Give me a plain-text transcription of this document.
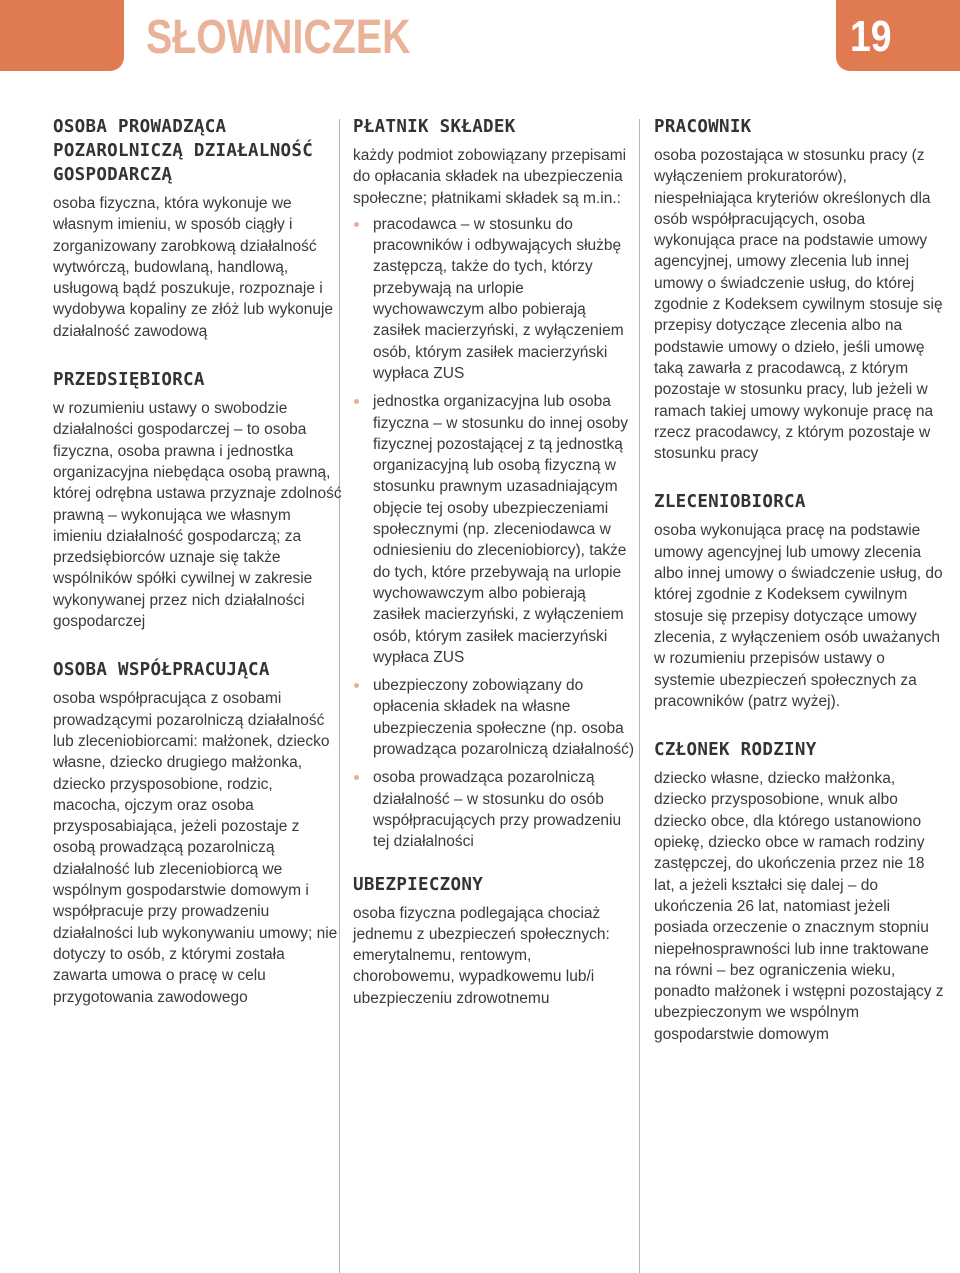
SŁOWNICZEK	19
OSOBA PROWADZĄCA POZAROLNICZĄ DZIAŁALNOŚĆ GOSPODARCZĄ

osoba fizyczna, która wykonuje we własnym imieniu, w sposób ciągły i zorganizowany zarobkową działalność wytwórczą, budowlaną, handlową, usługową bądź poszukuje, rozpoznaje i wydobywa kopaliny ze złóż lub wykonuje działalność zawodową

PRZEDSIĘBIORCA

w rozumieniu ustawy o swobodzie działalności gospodarczej – to osoba fizyczna, osoba prawna i jednostka organizacyjna niebędąca osobą prawną, której odrębna ustawa przyznaje zdolność prawną – wykonująca we własnym imieniu działalność gospodarczą; za przedsiębiorców uznaje się także wspólników spółki cywilnej w zakresie wykonywanej przez nich działalności gospodarczej

OSOBA WSPÓŁPRACUJĄCA

osoba współpracująca z osobami prowadzącymi pozarolniczą działalność lub zleceniobiorcami: małżonek, dziecko własne, dziecko drugiego małżonka, dziecko przysposobione, rodzic, macocha, ojczym oraz osoba przysposabiająca, jeżeli pozostaje z osobą prowadzącą pozarolniczą działalność lub zleceniobiorcą we wspólnym gospodarstwie domowym i współpracuje przy prowadzeniu działalności lub wykonywaniu umowy; nie dotyczy to osób, z którymi została zawarta umowa o pracę w celu przygotowania zawodowego

PŁATNIK SKŁADEK

każdy podmiot zobowiązany przepisami do opłacania składek na ubezpieczenia społeczne; płatnikami składek są m.in.:

pracodawca – w stosunku do pracowników i odbywających służbę zastępczą, także do tych, którzy przebywają na urlopie wychowawczym albo pobierają zasiłek macierzyński, z wyłączeniem osób, którym zasiłek macierzyński wypłaca ZUS
jednostka organizacyjna lub osoba fizyczna – w stosunku do innej osoby fizycznej pozostającej z tą jednostką organizacyjną lub osobą fizyczną w stosunku prawnym uzasadniającym objęcie tej osoby ubezpieczeniami społecznymi (np. zleceniodawca w odniesieniu do zleceniobiorcy), także do tych, które przebywają na urlopie wychowawczym albo pobierają zasiłek macierzyński, z wyłączeniem osób, którym zasiłek macierzyński wypłaca ZUS
ubezpieczony zobowiązany do opłacenia składek na własne ubezpieczenia społeczne (np. osoba prowadząca pozarolniczą działalność)
osoba prowadząca pozarolniczą działalność – w stosunku do osób współpracujących przy prowadzeniu tej działalności
UBEZPIECZONY

osoba fizyczna podlegająca chociaż jednemu z ubezpieczeń społecznych: emerytalnemu, rentowym, chorobowemu, wypadkowemu lub/i ubezpieczeniu zdrowotnemu

PRACOWNIK

osoba pozostająca w stosunku pracy (z wyłączeniem prokuratorów), niespełniająca kryteriów określonych dla osób współpracujących, osoba wykonująca prace na podstawie umowy agencyjnej, umowy zlecenia lub innej umowy o świadczenie usług, do której zgodnie z Kodeksem cywilnym stosuje się przepisy dotyczące zlecenia albo na podstawie umowy o dzieło, jeśli umowę taką zawarła z pracodawcą, z którym pozostaje w stosunku pracy, lub jeżeli w ramach takiej umowy wykonuje pracę na rzecz pracodawcy, z którym pozostaje w stosunku pracy

ZLECENIOBIORCA

osoba wykonująca pracę na podstawie umowy agencyjnej lub umowy zlecenia albo innej umowy o świadczenie usług, do której zgodnie z Kodeksem cywilnym stosuje się przepisy dotyczące umowy zlecenia, z wyłączeniem osób uważanych w rozumieniu przepisów ustawy o systemie ubezpieczeń społecznych za pracowników (patrz wyżej).

CZŁONEK RODZINY

dziecko własne, dziecko małżonka, dziecko przysposobione, wnuk albo dziecko obce, dla którego ustanowiono opiekę, dziecko obce w ramach rodziny zastępczej, do ukończenia przez nie 18 lat, a jeżeli kształci się dalej – do ukończenia 26 lat, natomiast jeżeli posiada orzeczenie o znacznym stopniu niepełnosprawności lub inne traktowane na równi – bez ograniczenia wieku, ponadto małżonek i wstępni pozostający z ubezpieczonym we wspólnym gospodarstwie domowym
